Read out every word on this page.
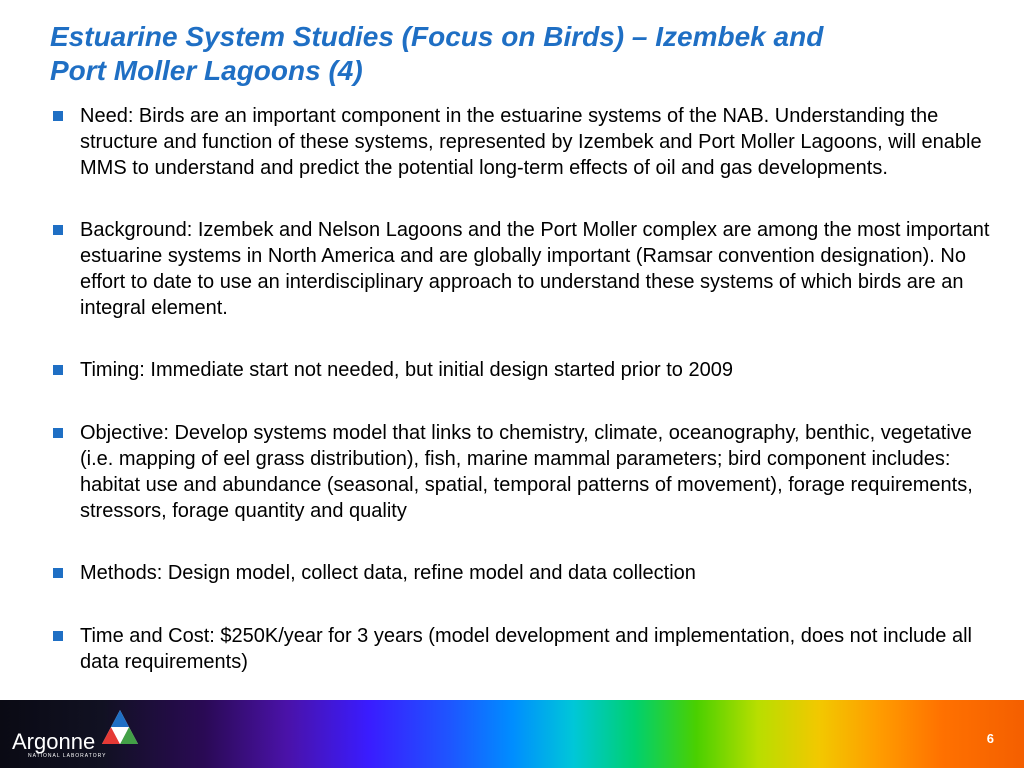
Estuarine System Studies (Focus on Birds) – Izembek and
Port Moller Lagoons (4)
Need: Birds are an important component in the estuarine systems of the NAB. Understanding the structure and function of these systems, represented by Izembek and Port Moller Lagoons, will enable MMS to understand and predict the potential long-term effects of oil and gas developments.
Background: Izembek and Nelson Lagoons and the Port Moller complex are among the most important estuarine systems in North America and are globally important (Ramsar convention designation). No effort to date to use an interdisciplinary approach to understand these systems of which birds are an integral element.
Timing: Immediate start not needed, but initial design started prior to 2009
Objective: Develop systems model that links to chemistry, climate, oceanography, benthic, vegetative (i.e. mapping of eel grass distribution), fish, marine mammal parameters; bird component includes: habitat use and abundance (seasonal, spatial, temporal patterns of movement), forage requirements, stressors, forage quantity and quality
Methods: Design model, collect data, refine model and data collection
Time and Cost: $250K/year for 3 years (model development and implementation, does not include all data requirements)
Argonne
NATIONAL LABORATORY
6
